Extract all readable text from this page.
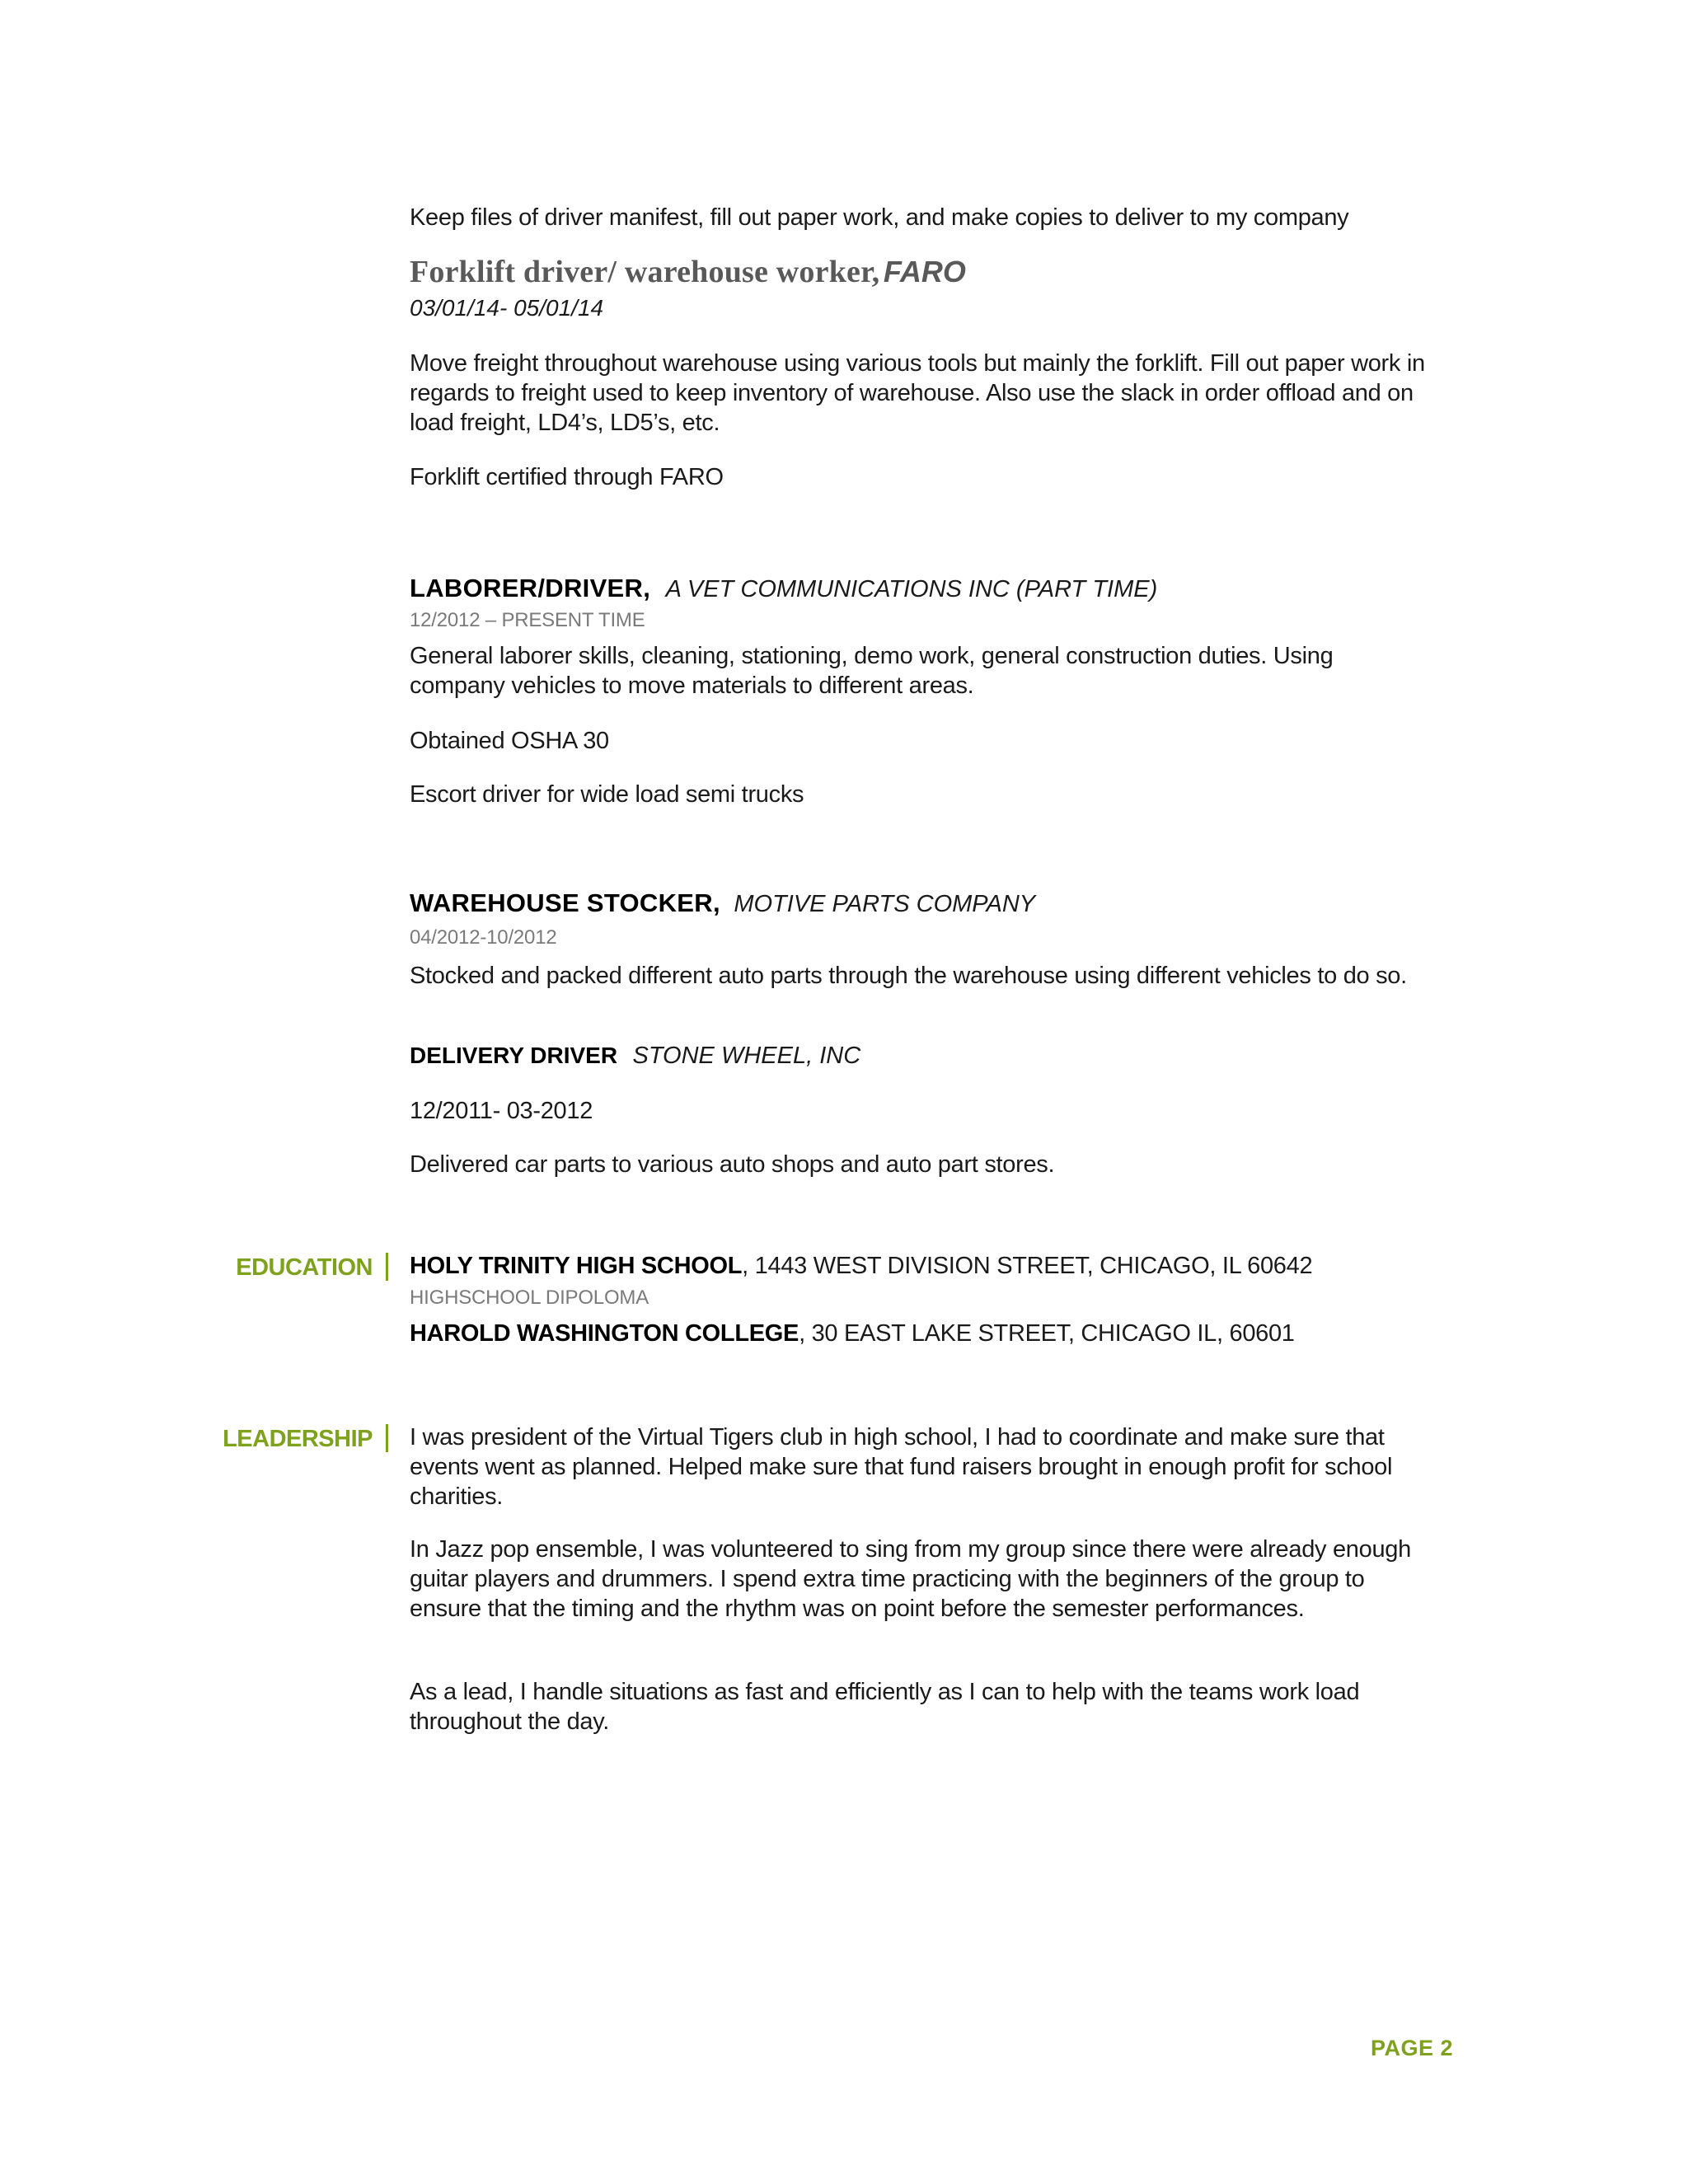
Keep files of driver manifest, fill out paper work, and make copies to deliver to my company

Forklift driver/ warehouse worker, FARO
03/01/14- 05/01/14

Move freight throughout warehouse using various tools but mainly the forklift. Fill out paper work in regards to freight used to keep inventory of warehouse. Also use the slack in order offload and on load freight, LD4’s, LD5’s, etc.

Forklift certified through FARO

LABORER/DRIVER, A VET COMMUNICATIONS INC (PART TIME)
12/2012 – PRESENT TIME

General laborer skills, cleaning, stationing, demo work, general construction duties. Using company vehicles to move materials to different areas.

Obtained OSHA 30

Escort driver for wide load semi trucks

WAREHOUSE STOCKER, MOTIVE PARTS COMPANY
04/2012-10/2012

Stocked and packed different auto parts through the warehouse using different vehicles to do so.

DELIVERY DRIVER STONE WHEEL, INC

12/2011- 03-2012

Delivered car parts to various auto shops and auto part stores.

EDUCATION HOLY TRINITY HIGH SCHOOL, 1443 WEST DIVISION STREET, CHICAGO, IL 60642
HIGHSCHOOL DIPOLOMA
HAROLD WASHINGTON COLLEGE, 30 EAST LAKE STREET, CHICAGO IL, 60601
LEADERSHIP I was president of the Virtual Tigers club in high school, I had to coordinate and make sure that events went as planned. Helped make sure that fund raisers brought in enough profit for school charities.

In Jazz pop ensemble, I was volunteered to sing from my group since there were already enough guitar players and drummers. I spend extra time practicing with the beginners of the group to ensure that the timing and the rhythm was on point before the semester performances.

As a lead, I handle situations as fast and efficiently as I can to help with the teams work load throughout the day.

PAGE 2
